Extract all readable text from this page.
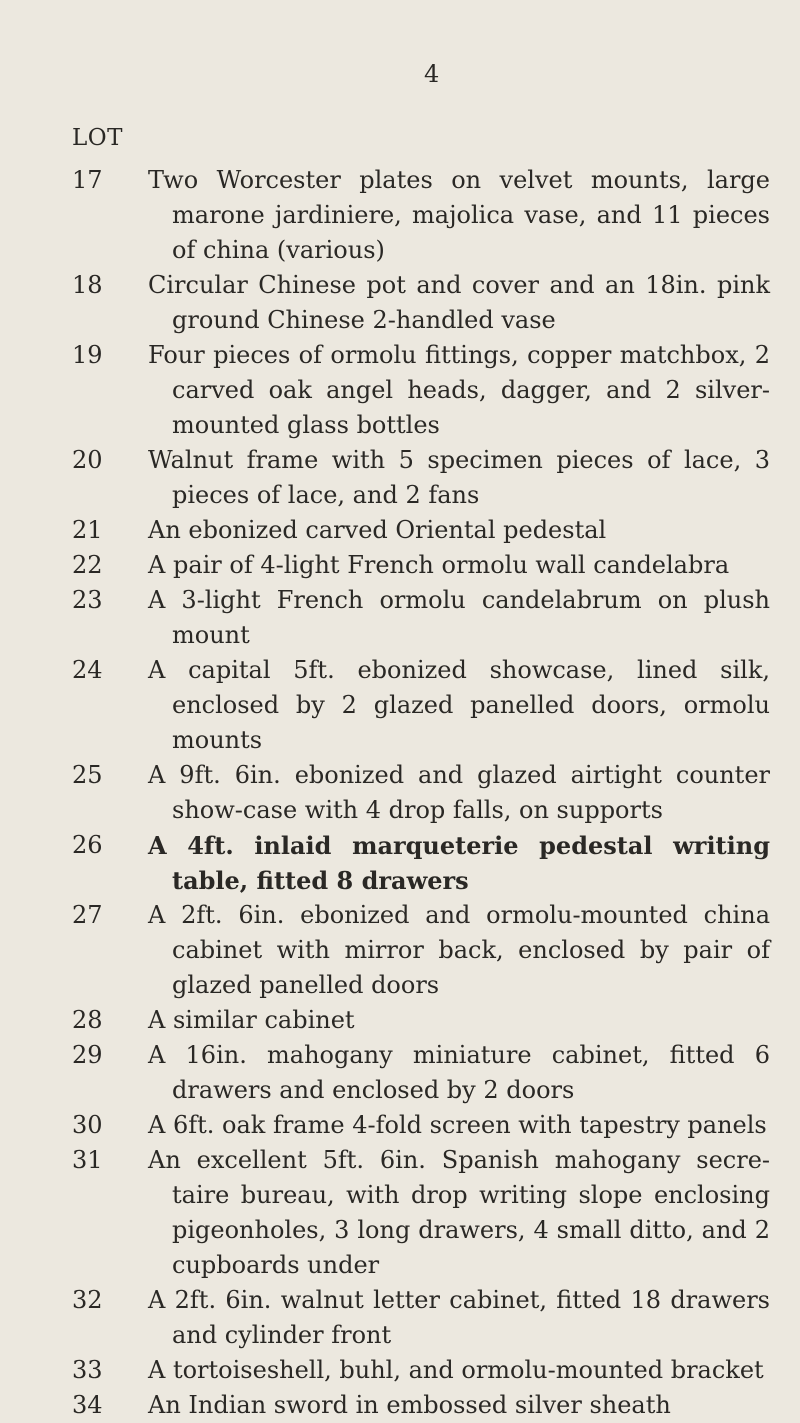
4
LOT
17	Two Worcester plates on velvet mounts, large marone jardiniere, majolica vase, and 11 pieces of china (various)
18	Circular Chinese pot and cover and an 18in. pink ground Chinese 2-handled vase
19	Four pieces of ormolu fittings, copper matchbox, 2 carved oak angel heads, dagger, and 2 silver-mounted glass bottles
20	Walnut frame with 5 specimen pieces of lace, 3 pieces of lace, and 2 fans
21	An ebonized carved Oriental pedestal
22	A pair of 4-light French ormolu wall candelabra
23	A 3-light French ormolu candelabrum on plush mount
24	A capital 5ft. ebonized showcase, lined silk, enclosed by 2 glazed panelled doors, ormolu mounts
25	A 9ft. 6in. ebonized and glazed airtight counter show-case with 4 drop falls, on supports
26	A 4ft. inlaid marqueterie pedestal writing table, fitted 8 drawers
27	A 2ft. 6in. ebonized and ormolu-mounted china cabinet with mirror back, enclosed by pair of glazed panelled doors
28	A similar cabinet
29	A 16in. mahogany miniature cabinet, fitted 6 drawers and enclosed by 2 doors
30	A 6ft. oak frame 4-fold screen with tapestry panels
31	An excellent 5ft. 6in. Spanish mahogany secre-taire bureau, with drop writing slope enclosing pigeonholes, 3 long drawers, 4 small ditto, and 2 cupboards under
32	A 2ft. 6in. walnut letter cabinet, fitted 18 drawers and cylinder front
33	A tortoiseshell, buhl, and ormolu-mounted bracket
34	An Indian sword in embossed silver sheath
